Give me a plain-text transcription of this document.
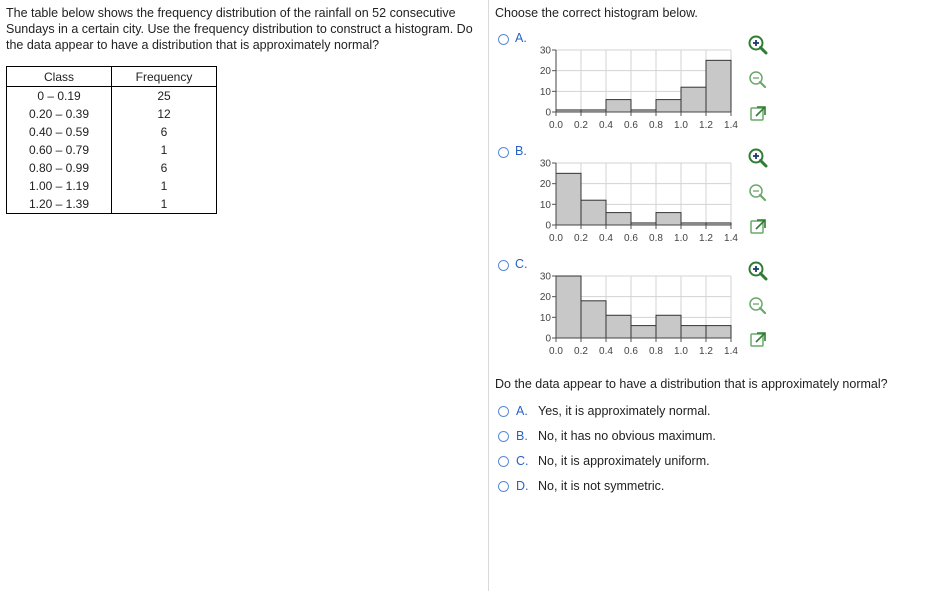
The table below shows the frequency distribution of the rainfall on 52 consecutive Sundays in a certain city. Use the frequency distribution to construct a histogram. Do the data appear to have a distribution that is approximately normal?
Class	Frequency
0 – 0.19	25
0.20 – 0.39	12
0.40 – 0.59	6
0.60 – 0.79	1
0.80 – 0.99	6
1.00 – 1.19	1
1.20 – 1.39	1
Choose the correct histogram below.
A.
30
20
10
0
0.0 0.2 0.4 0.6 0.8 1.0 1.2 1.4
B.
30
20
10
0
0.0 0.2 0.4 0.6 0.8 1.0 1.2 1.4
C.
30
20
10
0
0.0 0.2 0.4 0.6 0.8 1.0 1.2 1.4
Do the data appear to have a distribution that is approximately normal?
A. Yes, it is approximately normal.
B. No, it has no obvious maximum.
C. No, it is approximately uniform.
D. No, it is not symmetric.
